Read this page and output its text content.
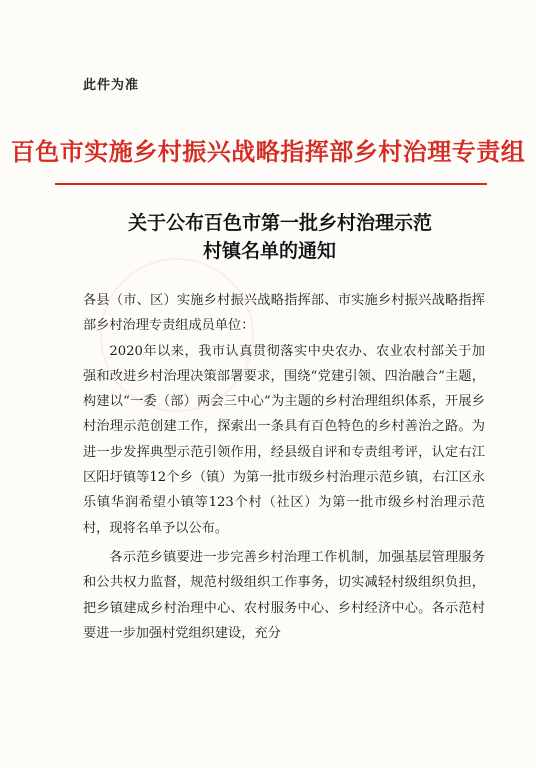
此件为准
百色市实施乡村振兴战略指挥部乡村治理专责组
关于公布百色市第一批乡村治理示范
村镇名单的通知

各县（市、区）实施乡村振兴战略指挥部、市实施乡村振兴战略指挥部乡村治理专责组成员单位：

2020年以来，我市认真贯彻落实中央农办、农业农村部关于加强和改进乡村治理决策部署要求，围绕“党建引领、四治融合”主题，构建以“一委（部）两会三中心”为主题的乡村治理组织体系，开展乡村治理示范创建工作，探索出一条具有百色特色的乡村善治之路。为进一步发挥典型示范引领作用，经县级自评和专责组考评，认定右江区阳圩镇等12个乡（镇）为第一批市级乡村治理示范乡镇，右江区永乐镇华润希望小镇等123个村（社区）为第一批市级乡村治理示范村，现将名单予以公布。

各示范乡镇要进一步完善乡村治理工作机制，加强基层管理服务和公共权力监督，规范村级组织工作事务，切实减轻村级组织负担，把乡镇建成乡村治理中心、农村服务中心、乡村经济中心。各示范村要进一步加强村党组织建设，充分
